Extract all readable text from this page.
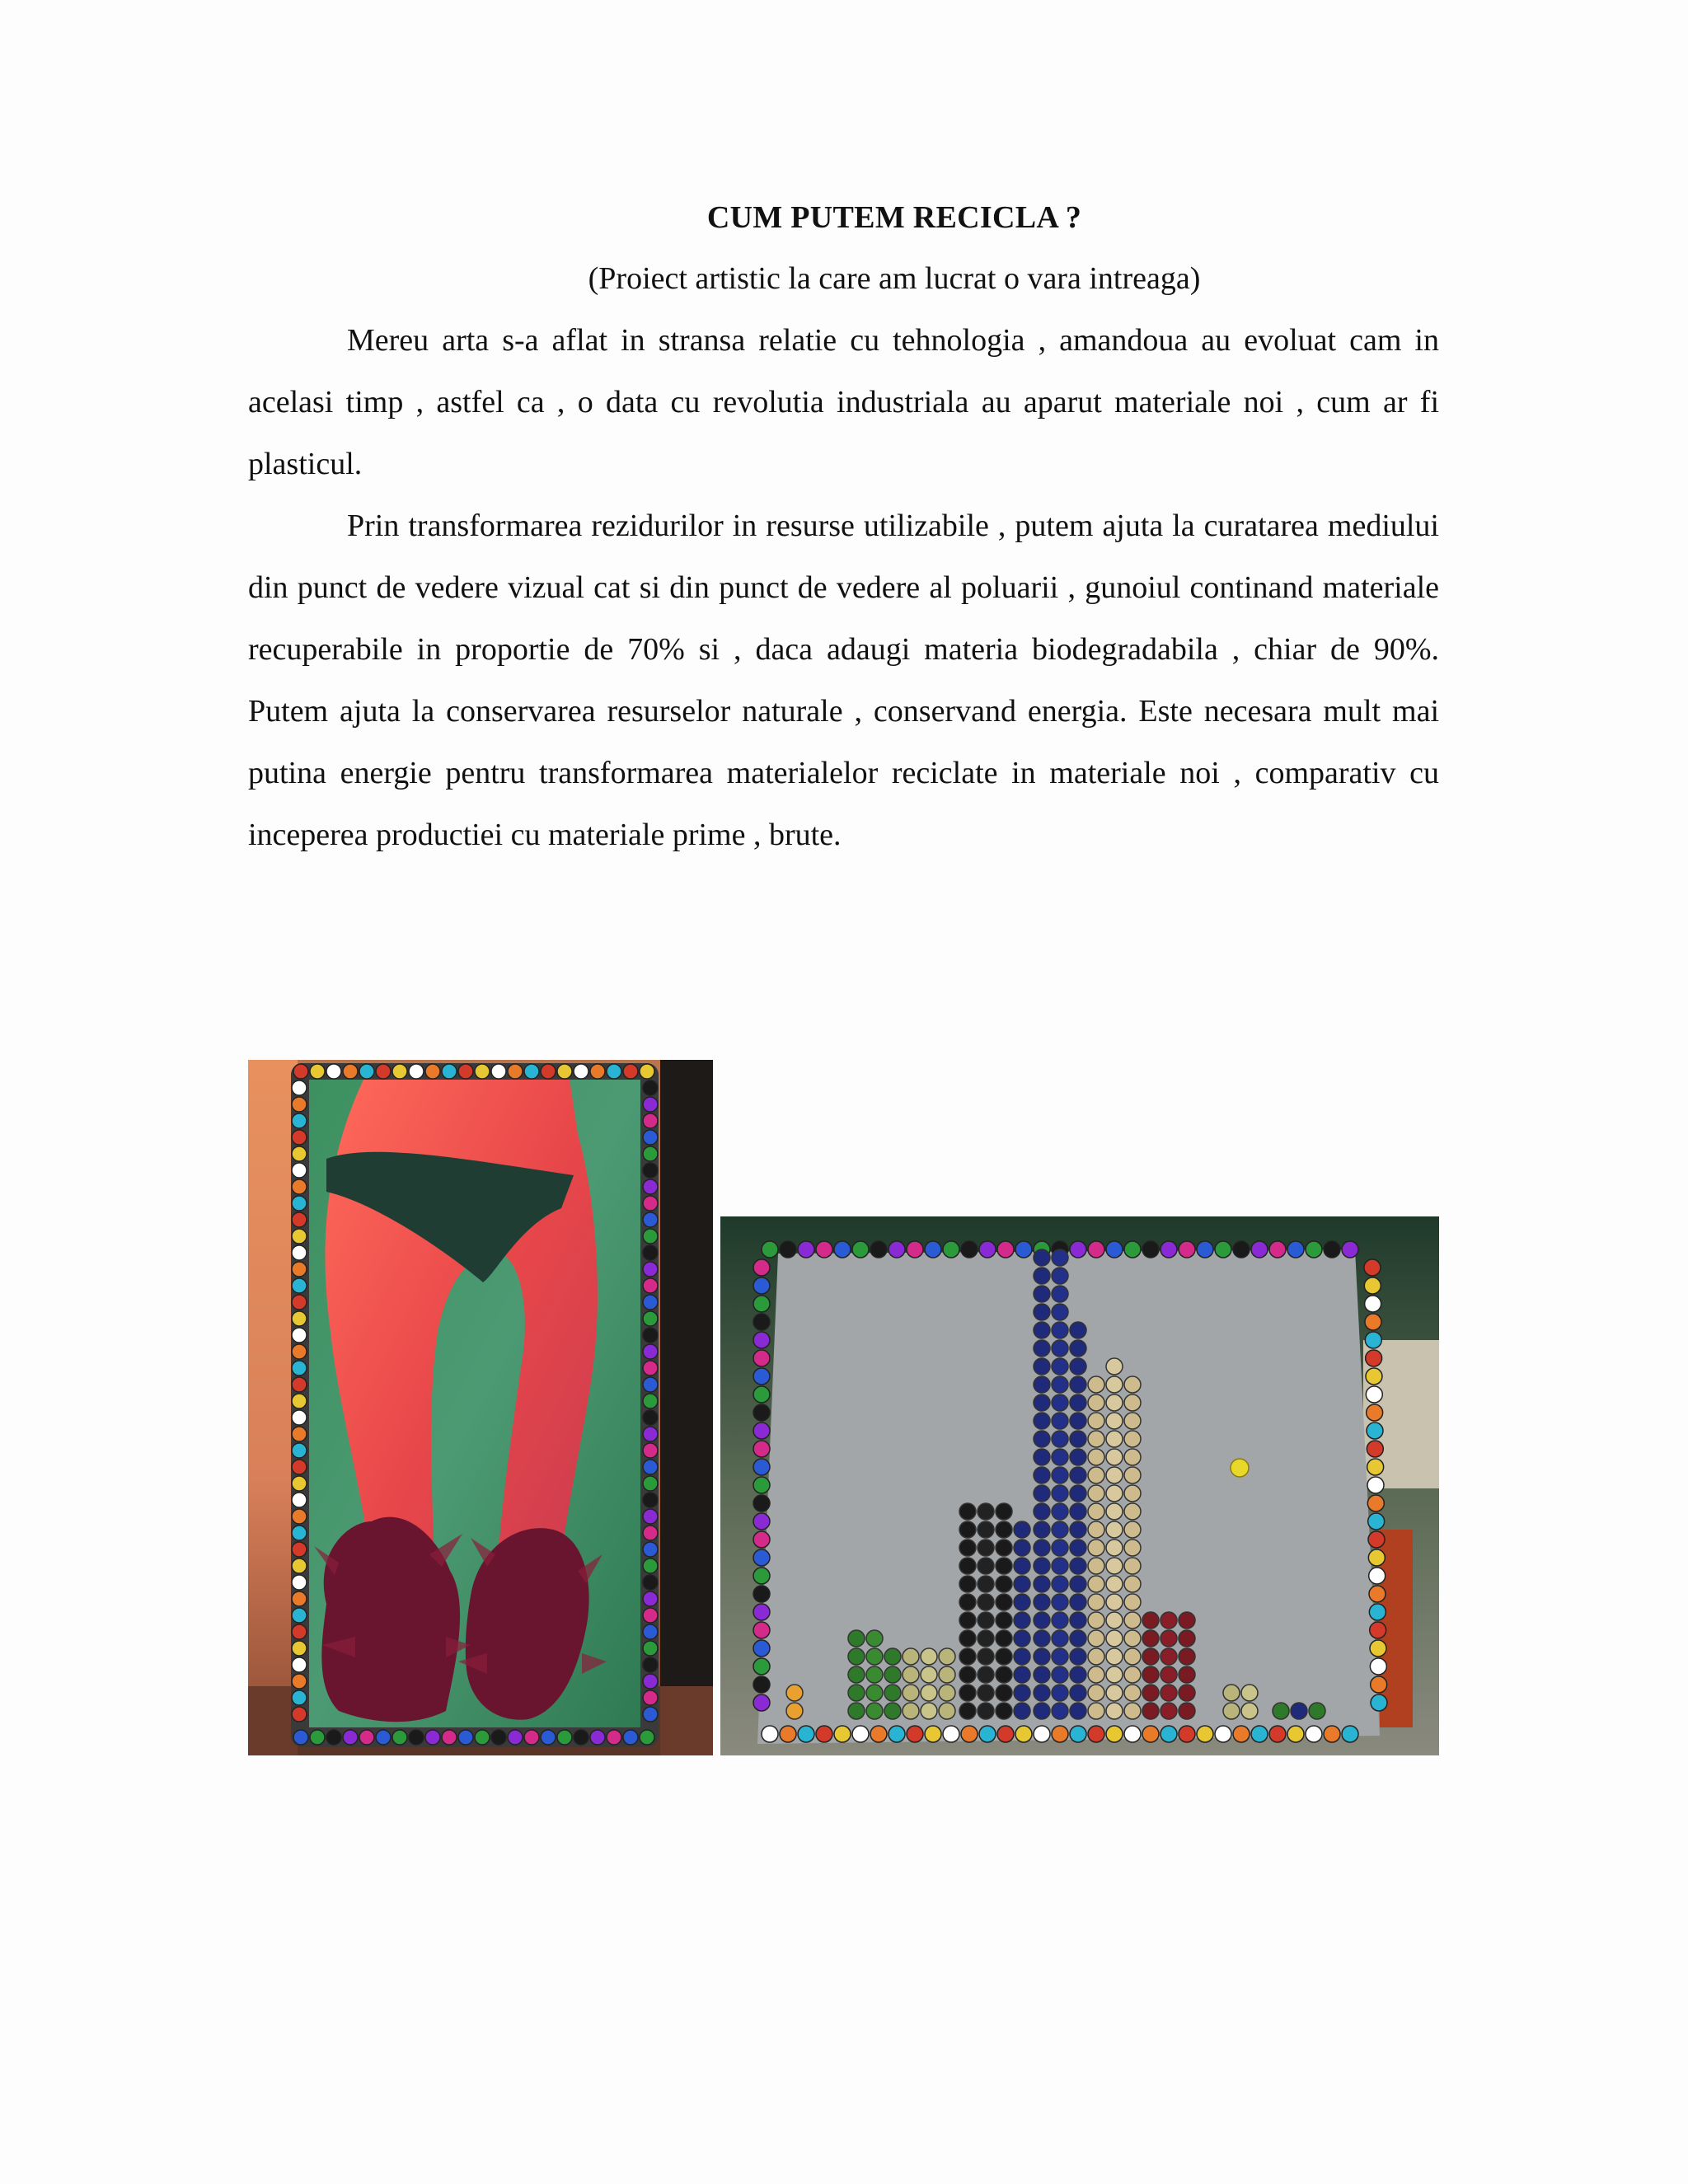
CUM PUTEM RECICLA ?
(Proiect artistic la care am lucrat o vara intreaga)

Mereu arta s-a aflat in stransa relatie cu tehnologia , amandoua au evoluat cam in acelasi timp , astfel ca , o data cu revolutia industriala au aparut materiale noi , cum ar fi plasticul.

Prin transformarea rezidurilor in resurse utilizabile , putem ajuta la curatarea mediului din punct de vedere vizual cat si din punct de vedere al poluarii , gunoiul continand materiale recuperabile in proportie de 70% si , daca adaugi materia biodegradabila , chiar de 90%. Putem ajuta la conservarea resurselor naturale , conservand energia. Este necesara mult mai putina energie pentru transformarea materialelor reciclate in materiale noi , comparativ cu inceperea productiei cu materiale prime , brute.
